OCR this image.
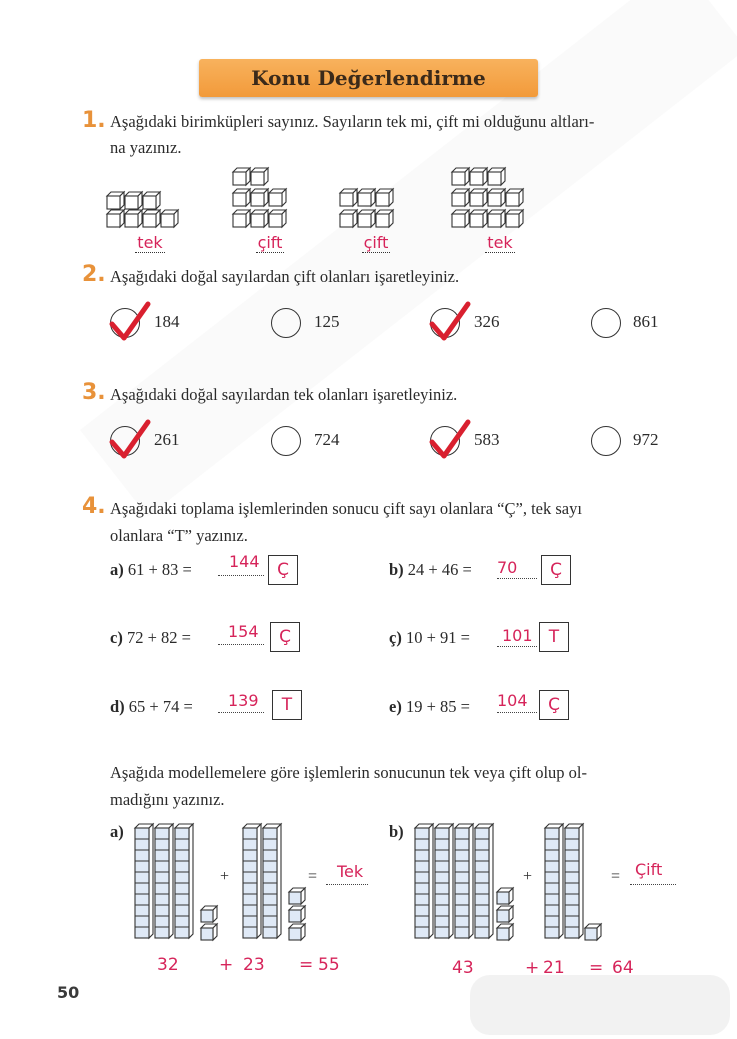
Konu Değerlendirme
1. Aşağıdaki birimküpleri sayınız. Sayıların tek mi, çift mi olduğunu altları-
na yazınız.
tek	çift	çift	tek
2. Aşağıdaki doğal sayılardan çift olanları işaretleyiniz.
184	125	326	861
3. Aşağıdaki doğal sayılardan tek olanları işaretleyiniz.
261	724	583	972
4. Aşağıdaki toplama işlemlerinden sonucu çift sayı olanlara “Ç”, tek sayı
olanlara “T” yazınız.
a) 61 + 83 = 144	Ç	b) 24 + 46 = 70	Ç
c) 72 + 82 = 154	Ç	ç) 10 + 91 = 101 T
d) 65 + 74 = 139	T	e) 19 + 85 = 104	Ç
Aşağıda modellemelere göre işlemlerin sonucunun tek veya çift olup ol-
madığını yazınız.
a)	b)
+	= Tek	+	= Çift
32 + 23 = 55	43	+ 21 = 64
50
